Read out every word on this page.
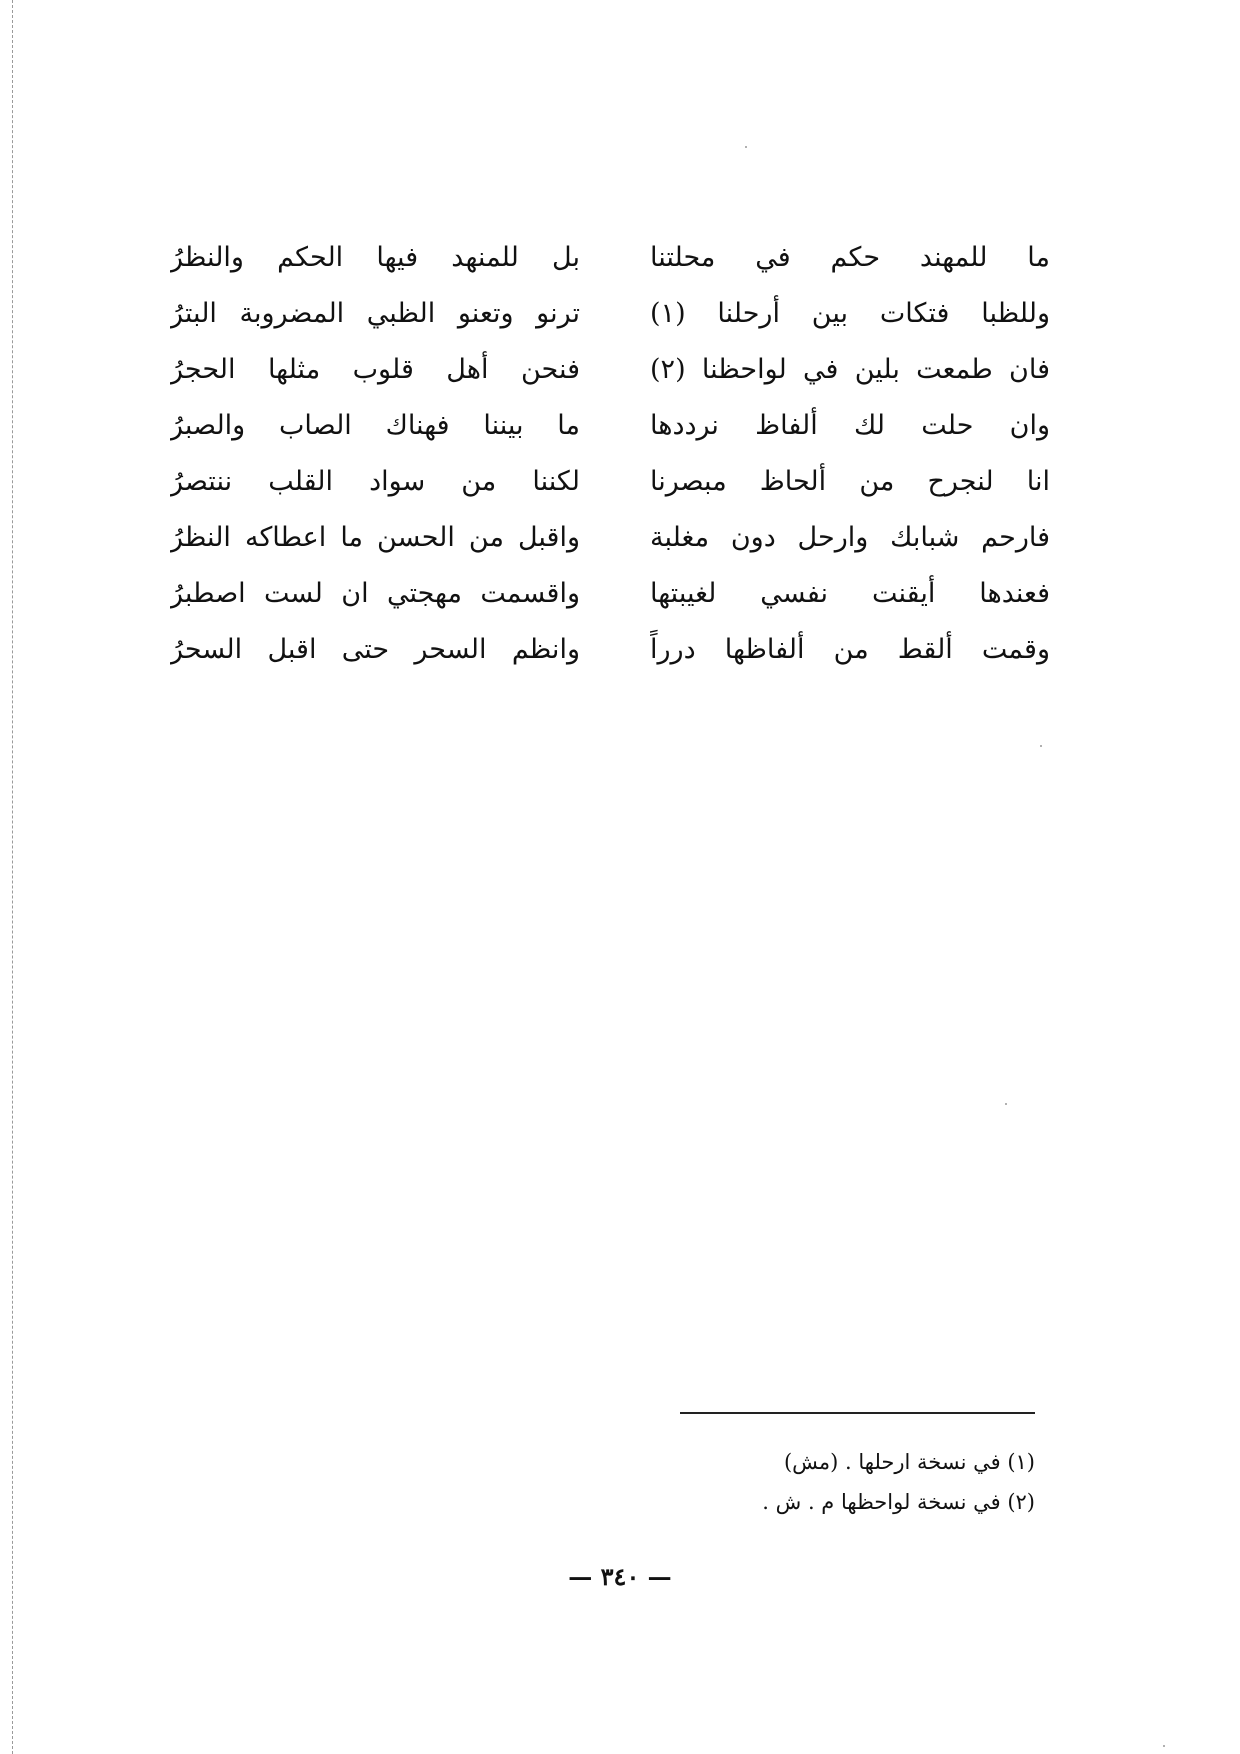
ما للمهند حكم في محلتنا
بل للمنهد فيها الحكم والنظرُ
وللظبا فتكات بين أرحلنا (١)
ترنو وتعنو الظبي المضروبة البترُ
فان طمعت بلين في لواحظنا (٢)
فنحن أهل قلوب مثلها الحجرُ
وان حلت لك ألفاظ نرددها
ما بيننا فهناك الصاب والصبرُ
انا لنجرح من ألحاظ مبصرنا
لكننا من سواد القلب ننتصرُ
فارحم شبابك وارحل دون مغلبة
واقبل من الحسن ما اعطاكه النظرُ
فعندها أيقنت نفسي لغيبتها
واقسمت مهجتي ان لست اصطبرُ
وقمت ألقط من ألفاظها درراً
وانظم السحر حتى اقبل السحرُ
(١) في نسخة ارحلها . (مش)
(٢) في نسخة لواحظها م . ش .
— ٣٤٠ —
